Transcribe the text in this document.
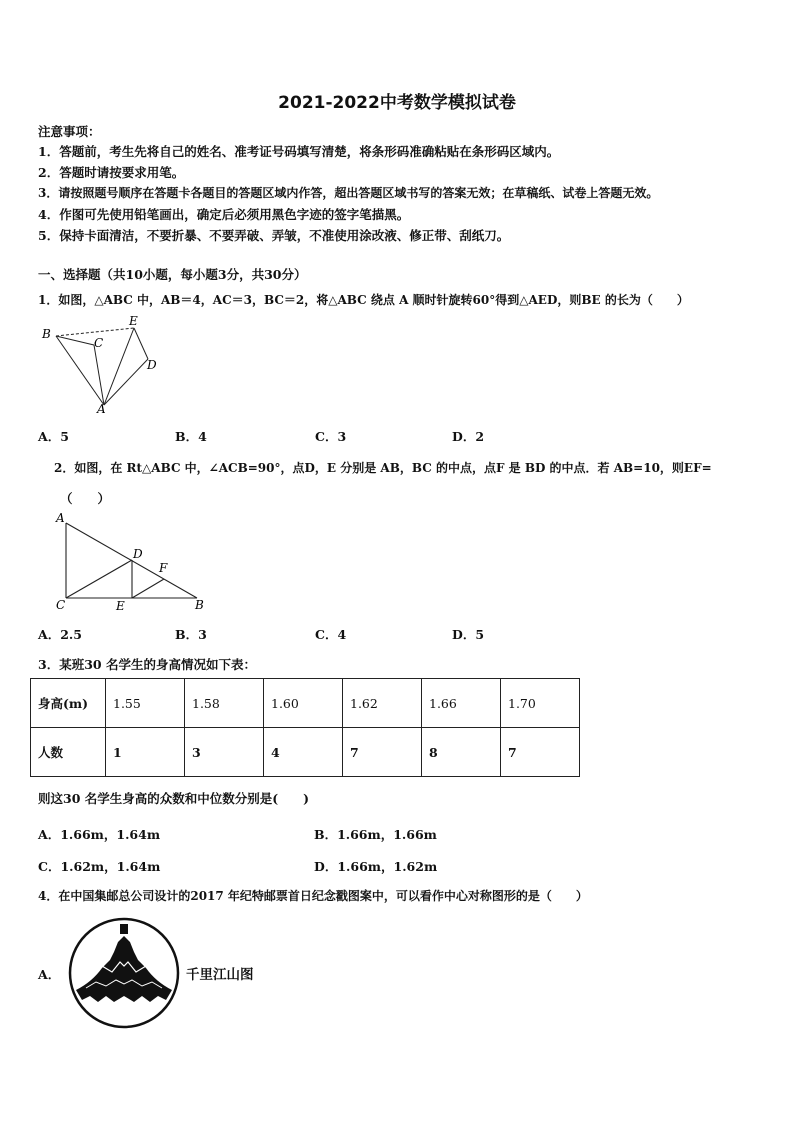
2021-2022中考数学模拟试卷
注意事项：
1．答题前，考生先将自己的姓名、准考证号码填写清楚，将条形码准确粘贴在条形码区域内。
2．答题时请按要求用笔。
3．请按照题号顺序在答题卡各题目的答题区域内作答，超出答题区域书写的答案无效；在草稿纸、试卷上答题无效。
4．作图可先使用铅笔画出，确定后必须用黑色字迹的签字笔描黑。
5．保持卡面清洁，不要折暴、不要弄破、弄皱，不准使用涂改液、修正带、刮纸刀。
一、选择题（共10小题，每小题3分，共30分）
1．如图，△ABC 中，AB＝4，AC＝3，BC＝2，将△ABC 绕点 A 顺时针旋转60°得到△AED，则BE 的长为（　　）
B
E
C
D
A
A．5	B．4	C．3	D．2
2．如图，在 Rt△ABC 中，∠ACB=90°，点D，E 分别是 AB，BC 的中点，点F 是 BD 的中点．若 AB=10，则EF=
（　　）
A
D
F
C	E	B
A．2.5	B．3	C．4	D．5
3．某班30 名学生的身高情况如下表：
身高(m)	1.55	1.58	1.60	1.62	1.66	1.70
人数	1	3	4	7	8	7
则这30 名学生身高的众数和中位数分别是(　　)
A．1.66m，1.64m	B．1.66m，1.66m
C．1.62m，1.64m	D．1.66m，1.62m
4．在中国集邮总公司设计的2017 年纪特邮票首日纪念戳图案中，可以看作中心对称图形的是（　　）
A．	千里江山图
